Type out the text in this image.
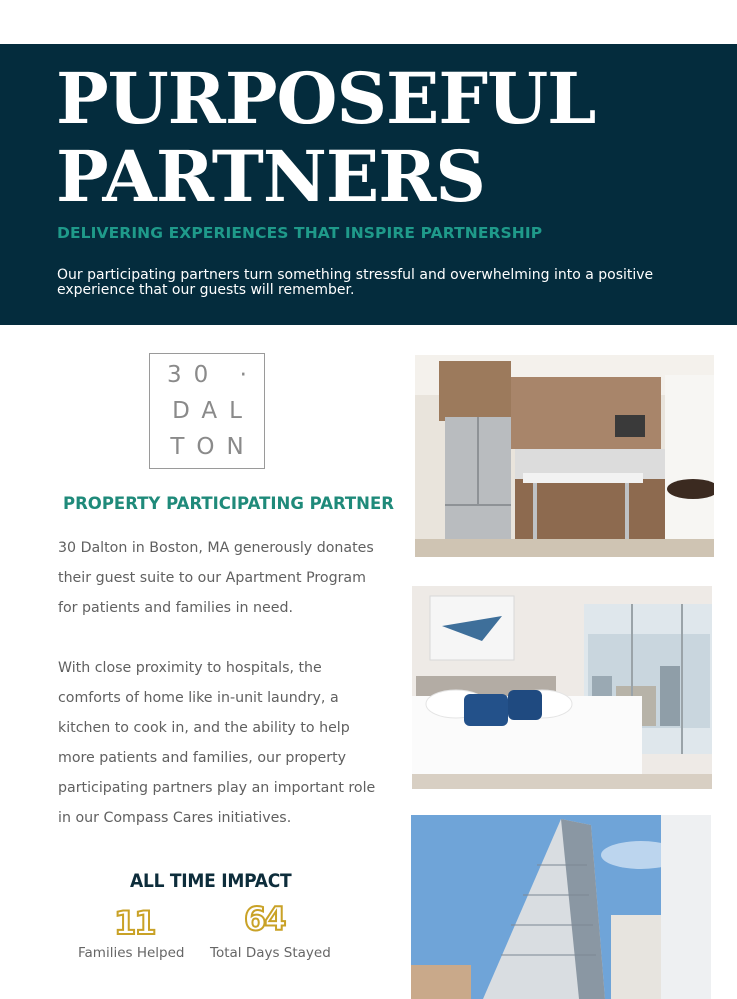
PURPOSEFUL
PARTNERS
DELIVERING EXPERIENCES THAT INSPIRE PARTNERSHIP

Our participating partners turn something stressful and overwhelming into a positive experience that our guests will remember.

30 ·
DAL
TON
PROPERTY PARTICIPATING PARTNER

30 Dalton in Boston, MA generously donates their guest suite to our Apartment Program for patients and families in need.

With close proximity to hospitals, the comforts of home like in-unit laundry, a kitchen to cook in, and the ability to help more patients and families, our property participating partners play an important role in our Compass Cares initiatives.

ALL TIME IMPACT
11	64
Families Helped Total Days Stayed
